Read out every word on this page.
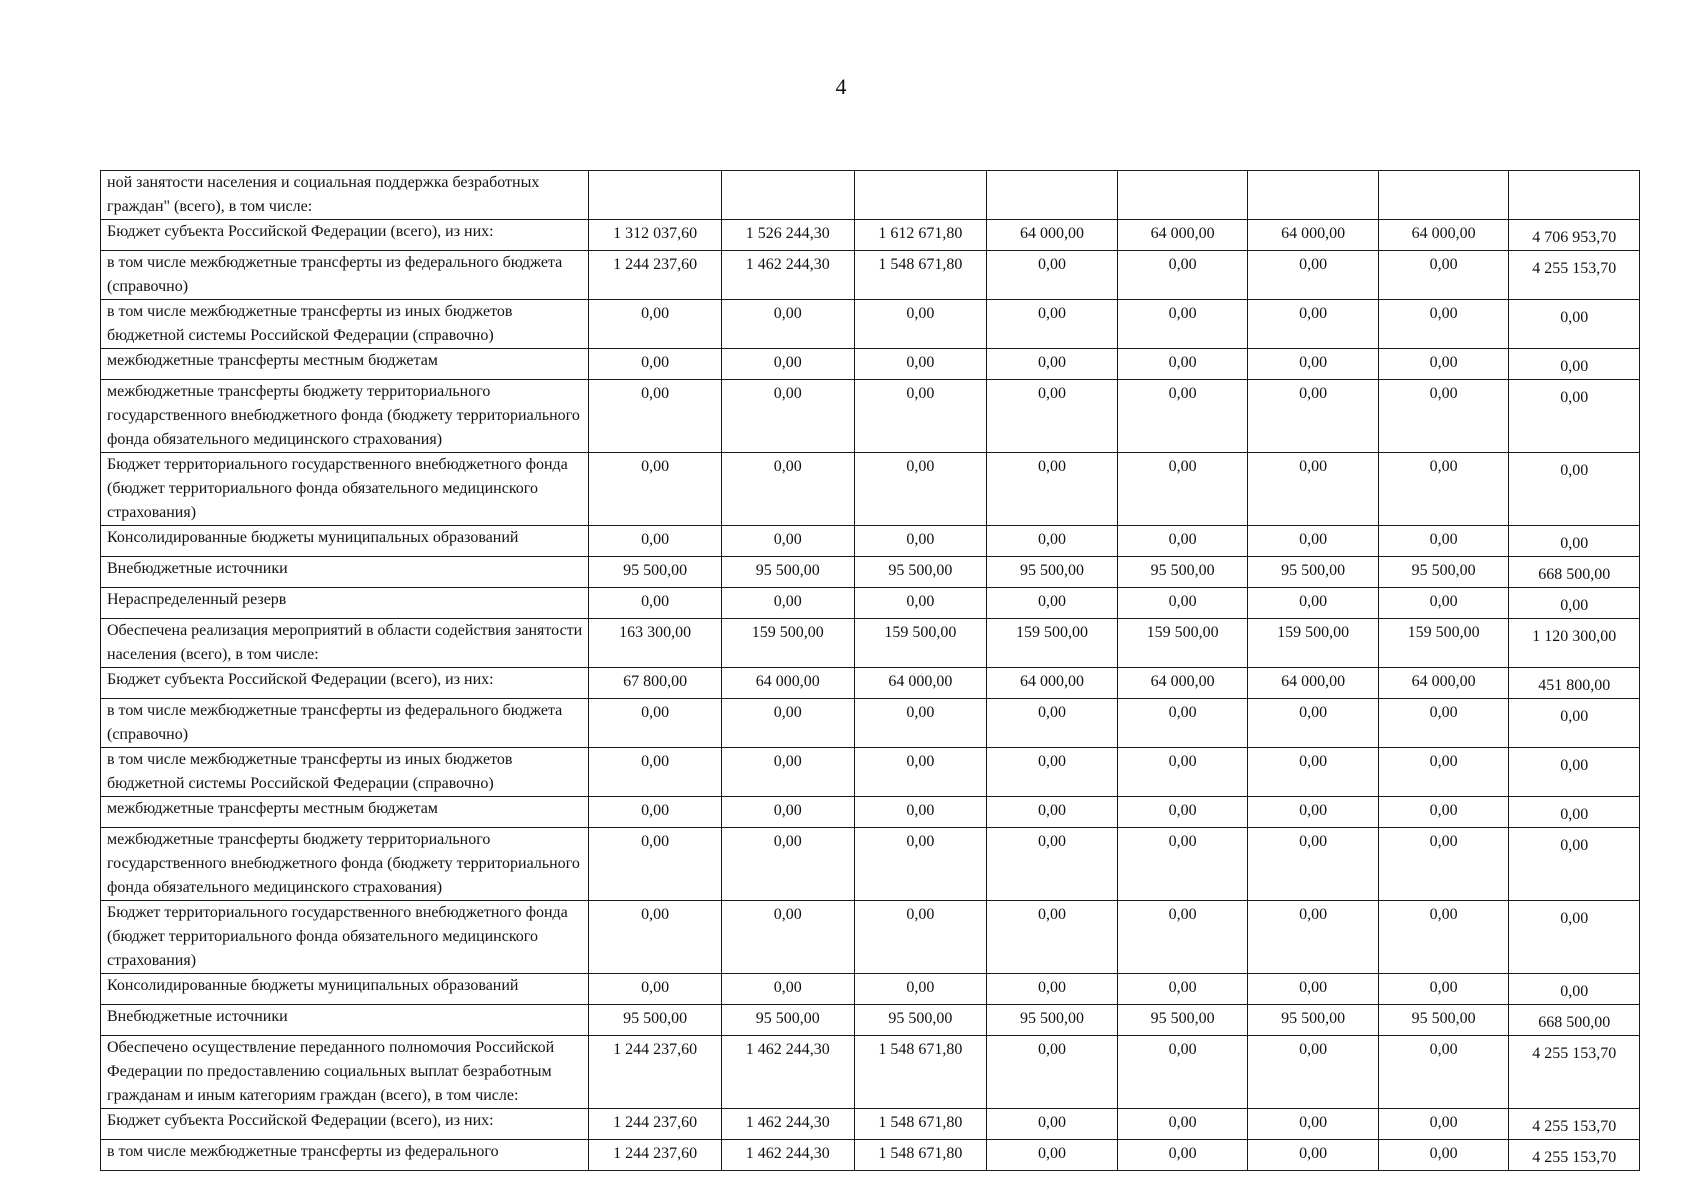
4
ной занятости населения и социальная поддержка безработных граждан" (всего), в том числе:								
Бюджет субъекта Российской Федерации (всего), из них:	1 312 037,60	1 526 244,30	1 612 671,80	64 000,00	64 000,00	64 000,00	64 000,00	4 706 953,70
в том числе межбюджетные трансферты из федерального бюджета (справочно)	1 244 237,60	1 462 244,30	1 548 671,80	0,00	0,00	0,00	0,00	4 255 153,70
в том числе межбюджетные трансферты из иных бюджетов бюджетной системы Российской Федерации (справочно)	0,00	0,00	0,00	0,00	0,00	0,00	0,00	0,00
межбюджетные трансферты местным бюджетам	0,00	0,00	0,00	0,00	0,00	0,00	0,00	0,00
межбюджетные трансферты бюджету территориального государственного внебюджетного фонда (бюджету территориального фонда обязательного медицинского страхования)	0,00	0,00	0,00	0,00	0,00	0,00	0,00	0,00
Бюджет территориального государственного внебюджетного фонда (бюджет территориального фонда обязательного медицинского страхования)	0,00	0,00	0,00	0,00	0,00	0,00	0,00	0,00
Консолидированные бюджеты муниципальных образований	0,00	0,00	0,00	0,00	0,00	0,00	0,00	0,00
Внебюджетные источники	95 500,00	95 500,00	95 500,00	95 500,00	95 500,00	95 500,00	95 500,00	668 500,00
Нераспределенный резерв	0,00	0,00	0,00	0,00	0,00	0,00	0,00	0,00
Обеспечена реализация мероприятий в области содействия занятости населения (всего), в том числе:	163 300,00	159 500,00	159 500,00	159 500,00	159 500,00	159 500,00	159 500,00	1 120 300,00
Бюджет субъекта Российской Федерации (всего), из них:	67 800,00	64 000,00	64 000,00	64 000,00	64 000,00	64 000,00	64 000,00	451 800,00
в том числе межбюджетные трансферты из федерального бюджета (справочно)	0,00	0,00	0,00	0,00	0,00	0,00	0,00	0,00
в том числе межбюджетные трансферты из иных бюджетов бюджетной системы Российской Федерации (справочно)	0,00	0,00	0,00	0,00	0,00	0,00	0,00	0,00
межбюджетные трансферты местным бюджетам	0,00	0,00	0,00	0,00	0,00	0,00	0,00	0,00
межбюджетные трансферты бюджету территориального государственного внебюджетного фонда (бюджету территориального фонда обязательного медицинского страхования)	0,00	0,00	0,00	0,00	0,00	0,00	0,00	0,00
Бюджет территориального государственного внебюджетного фонда (бюджет территориального фонда обязательного медицинского страхования)	0,00	0,00	0,00	0,00	0,00	0,00	0,00	0,00
Консолидированные бюджеты муниципальных образований	0,00	0,00	0,00	0,00	0,00	0,00	0,00	0,00
Внебюджетные источники	95 500,00	95 500,00	95 500,00	95 500,00	95 500,00	95 500,00	95 500,00	668 500,00
Обеспечено осуществление переданного полномочия Российской Федерации по предоставлению социальных выплат безработным гражданам и иным категориям граждан (всего), в том числе:	1 244 237,60	1 462 244,30	1 548 671,80	0,00	0,00	0,00	0,00	4 255 153,70
Бюджет субъекта Российской Федерации (всего), из них:	1 244 237,60	1 462 244,30	1 548 671,80	0,00	0,00	0,00	0,00	4 255 153,70
в том числе межбюджетные трансферты из федерального	1 244 237,60	1 462 244,30	1 548 671,80	0,00	0,00	0,00	0,00	4 255 153,70
